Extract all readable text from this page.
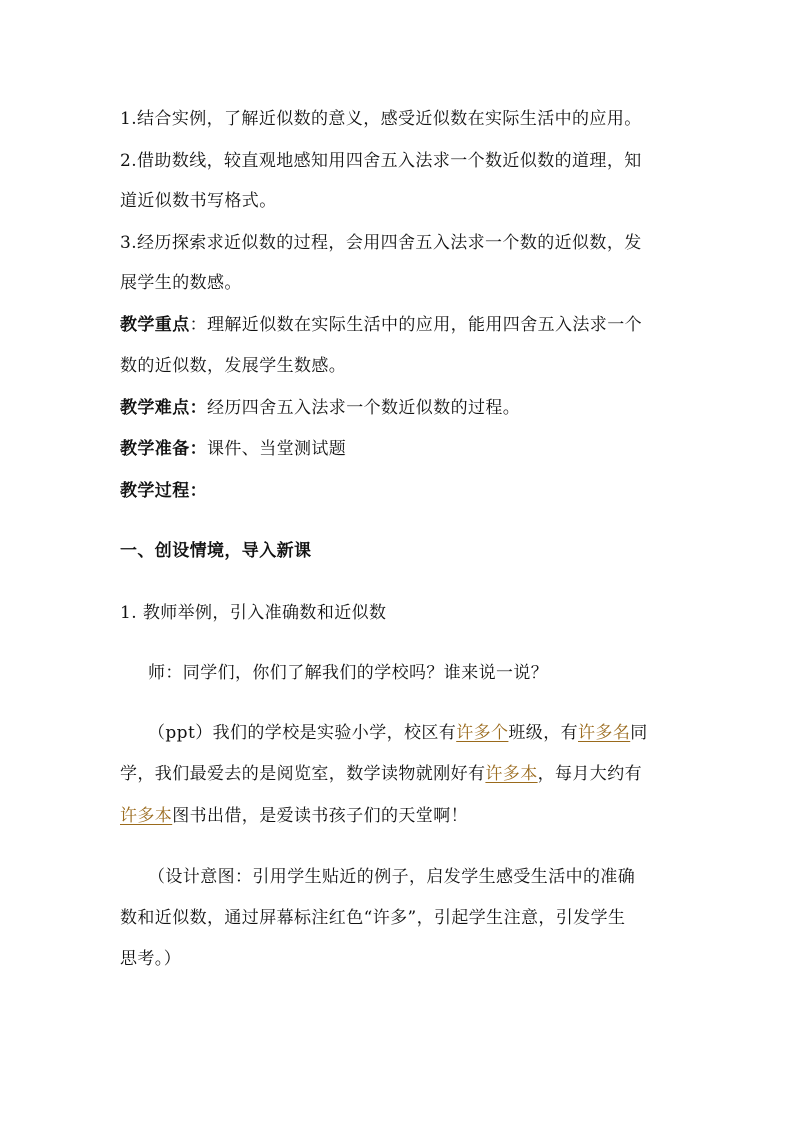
1.结合实例，了解近似数的意义，感受近似数在实际生活中的应用。
2.借助数线，较直观地感知用四舍五入法求一个数近似数的道理，知
道近似数书写格式。
3.经历探索求近似数的过程，会用四舍五入法求一个数的近似数，发
展学生的数感。
教学重点：理解近似数在实际生活中的应用，能用四舍五入法求一个
数的近似数，发展学生数感。
教学难点：经历四舍五入法求一个数近似数的过程。
教学准备：课件、当堂测试题
教学过程：
一、创设情境，导入新课
1. 教师举例，引入准确数和近似数
师：同学们，你们了解我们的学校吗？谁来说一说？
（ppt）我们的学校是实验小学，校区有许多个班级，有许多名同
学，我们最爱去的是阅览室，数学读物就刚好有许多本，每月大约有
许多本图书出借，是爱读书孩子们的天堂啊！
（设计意图：引用学生贴近的例子，启发学生感受生活中的准确
数和近似数，通过屏幕标注红色“许多”，引起学生注意，引发学生
思考。）
